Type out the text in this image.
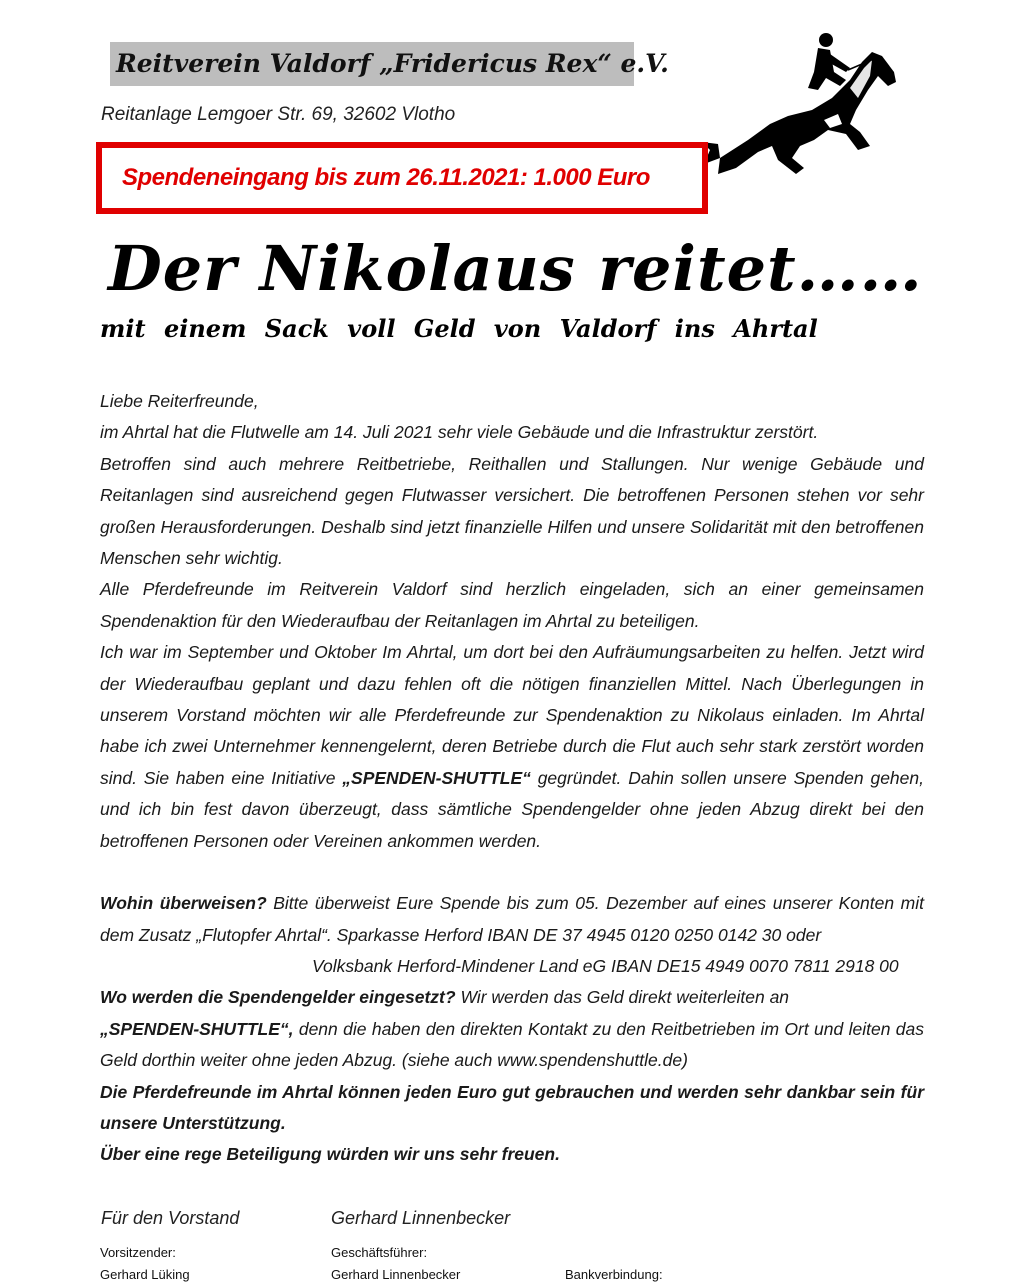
Reitverein Valdorf „Fridericus Rex“ e.V.
Reitanlage Lemgoer Str. 69, 32602 Vlotho
Spendeneingang bis zum 26.11.2021: 1.000 Euro
Der Nikolaus reitet……
mit einem Sack voll Geld von Valdorf ins Ahrtal

Liebe Reiterfreunde,

im Ahrtal hat die Flutwelle am 14. Juli 2021 sehr viele Gebäude und die Infrastruktur zerstört.

Betroffen sind auch mehrere Reitbetriebe, Reithallen und Stallungen. Nur wenige Gebäude und Reitanlagen sind ausreichend gegen Flutwasser versichert. Die betroffenen Personen stehen vor sehr großen Herausforderungen. Deshalb sind jetzt finanzielle Hilfen und unsere Solidarität mit den betroffenen Menschen sehr wichtig.

Alle Pferdefreunde im Reitverein Valdorf sind herzlich eingeladen, sich an einer gemeinsamen Spendenaktion für den Wiederaufbau der Reitanlagen im Ahrtal zu beteiligen.

Ich war im September und Oktober Im Ahrtal, um dort bei den Aufräumungsarbeiten zu helfen. Jetzt wird der Wiederaufbau geplant und dazu fehlen oft die nötigen finanziellen Mittel. Nach Überlegungen in unserem Vorstand möchten wir alle Pferdefreunde zur Spendenaktion zu Nikolaus einladen. Im Ahrtal habe ich zwei Unternehmer kennengelernt, deren Betriebe durch die Flut auch sehr stark zerstört worden sind. Sie haben eine Initiative „SPENDEN-SHUTTLE“ gegründet. Dahin sollen unsere Spenden gehen, und ich bin fest davon überzeugt, dass sämtliche Spendengelder ohne jeden Abzug direkt bei den betroffenen Personen oder Vereinen ankommen werden.

Wohin überweisen? Bitte überweist Eure Spende bis zum 05. Dezember auf eines unserer Konten mit dem Zusatz „Flutopfer Ahrtal“. Sparkasse Herford IBAN DE 37 4945 0120 0250 0142 30 oder

Volksbank Herford-Mindener Land eG IBAN DE15 4949 0070 7811 2918 00

Wo werden die Spendengelder eingesetzt? Wir werden das Geld direkt weiterleiten an
„SPENDEN-SHUTTLE“, denn die haben den direkten Kontakt zu den Reitbetrieben im Ort und leiten das Geld dorthin weiter ohne jeden Abzug. (siehe auch www.spendenshuttle.de)

Die Pferdefreunde im Ahrtal können jeden Euro gut gebrauchen und werden sehr dankbar sein für unsere Unterstützung.

Über eine rege Beteiligung würden wir uns sehr freuen.

Für den Vorstand	Gerhard Linnenbecker
Vorsitzender:
Gerhard Lüking
Geschäftsführer:
Gerhard Linnenbecker	Bankverbindung:
